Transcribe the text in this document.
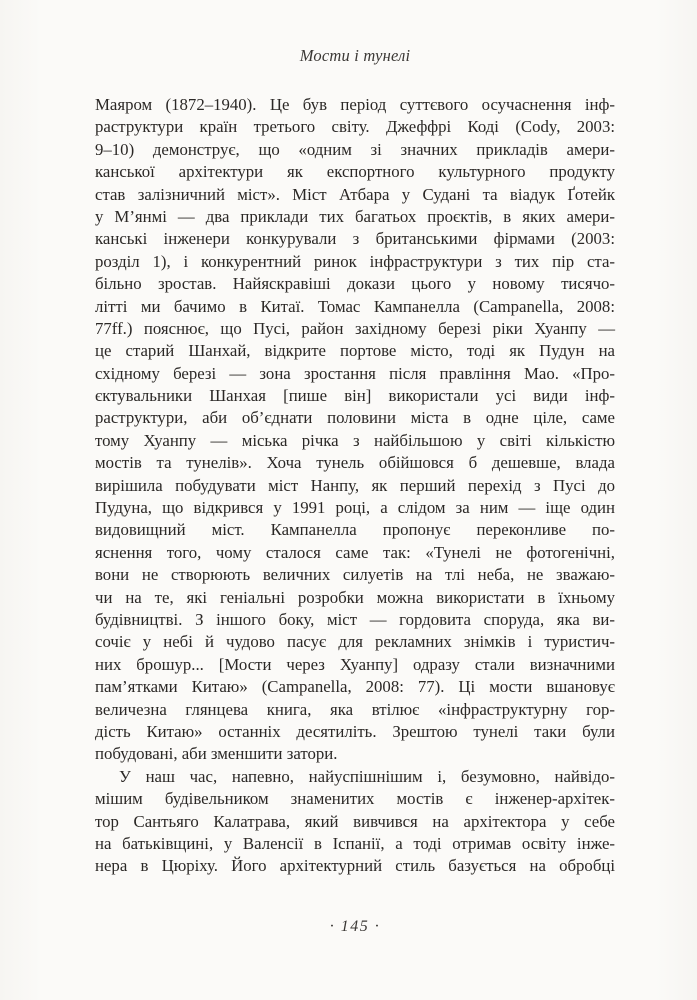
Мости і тунелі
Маяром (1872–1940). Це був період суттєвого осучаснення інф-
раструктури країн третього світу. Джеффрі Коді (Cody, 2003:
9–10) демонструє, що «одним зі значних прикладів амери-
канської архітектури як експортного культурного продукту
став залізничний міст». Міст Атбара у Судані та віадук Ґотейк
у М’янмі — два приклади тих багатьох проєктів, в яких амери-
канські інженери конкурували з британськими фірмами (2003:
розділ 1), і конкурентний ринок інфраструктури з тих пір ста-
більно зростав. Найяскравіші докази цього у новому тисячо-
літті ми бачимо в Китаї. Томас Кампанелла (Campanella, 2008:
77ff.) пояснює, що Пусі, район західному березі ріки Хуанпу —
це старий Шанхай, відкрите портове місто, тоді як Пудун на
східному березі — зона зростання після правління Мао. «Про-
єктувальники Шанхая [пише він] використали усі види інф-
раструктури, аби об’єднати половини міста в одне ціле, саме
тому Хуанпу — міська річка з найбільшою у світі кількістю
мостів та тунелів». Хоча тунель обійшовся б дешевше, влада
вирішила побудувати міст Нанпу, як перший перехід з Пусі до
Пудуна, що відкрився у 1991 році, а слідом за ним — іще один
видовищний міст. Кампанелла пропонує переконливе по-
яснення того, чому сталося саме так: «Тунелі не фотогенічні,
вони не створюють величних силуетів на тлі неба, не зважаю-
чи на те, які геніальні розробки можна використати в їхньому
будівництві. З іншого боку, міст — гордовита споруда, яка ви-
сочіє у небі й чудово пасує для рекламних знімків і туристич-
них брошур... [Мости через Хуанпу] одразу стали визначними
пам’ятками Китаю» (Campanella, 2008: 77). Ці мости вшановує
величезна глянцева книга, яка втілює «інфраструктурну гор-
дість Китаю» останніх десятиліть. Зрештою тунелі таки були
побудовані, аби зменшити затори.
У наш час, напевно, найуспішнішим і, безумовно, найвідо-
мішим будівельником знаменитих мостів є інженер-архітек-
тор Сантьяго Калатрава, який вивчився на архітектора у себе
на батьківщині, у Валенсії в Іспанії, а тоді отримав освіту інже-
нера в Цюріху. Його архітектурний стиль базується на обробці
· 145 ·
